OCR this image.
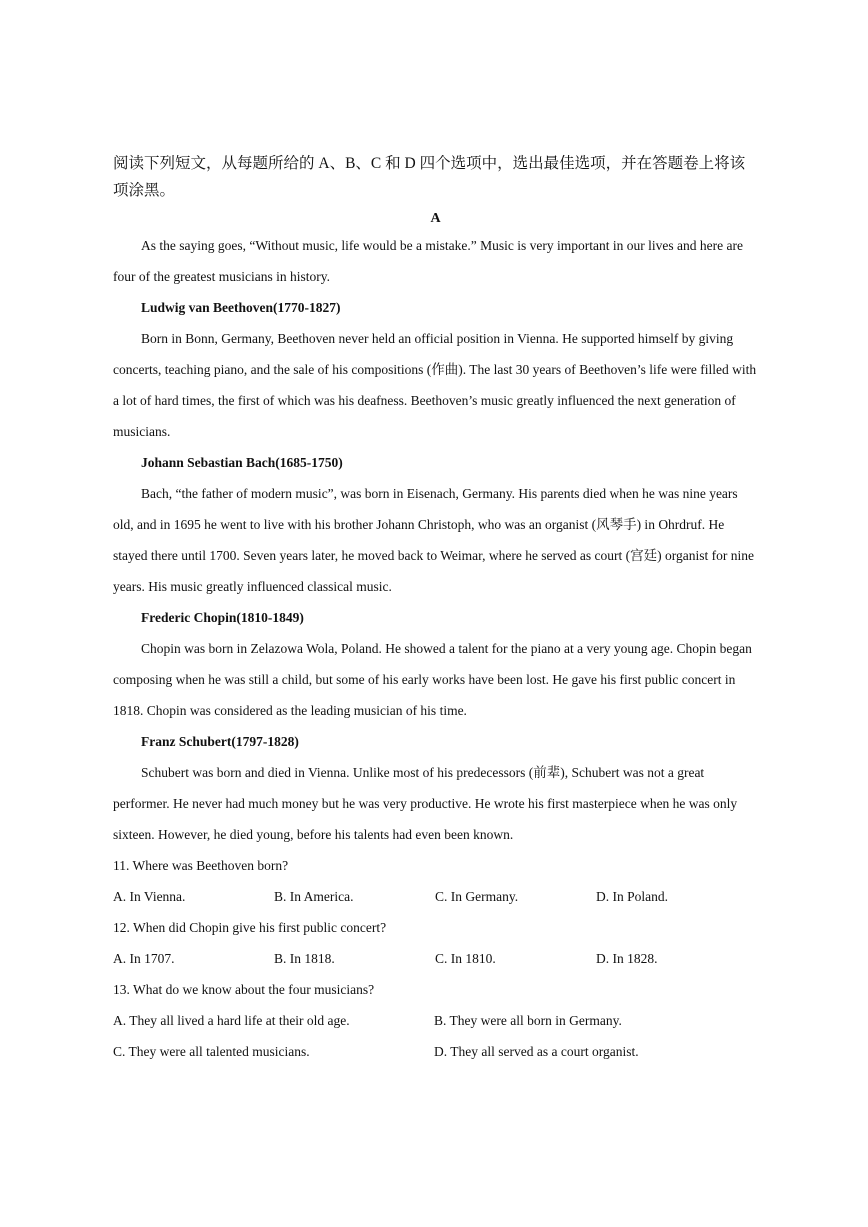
阅读下列短文，从每题所给的 A、B、C 和 D 四个选项中，选出最佳选项，并在答题卷上将该项涂黑。

A

As the saying goes, “Without music, life would be a mistake.” Music is very important in our lives and here are four of the greatest musicians in history.

Ludwig van Beethoven(1770-1827)

Born in Bonn, Germany, Beethoven never held an official position in Vienna. He supported himself by giving concerts, teaching piano, and the sale of his compositions (作曲). The last 30 years of Beethoven’s life were filled with a lot of hard times, the first of which was his deafness. Beethoven’s music greatly influenced the next generation of musicians.

Johann Sebastian Bach(1685-1750)

Bach, “the father of modern music”, was born in Eisenach, Germany. His parents died when he was nine years old, and in 1695 he went to live with his brother Johann Christoph, who was an organist (风琴手) in Ohrdruf. He stayed there until 1700. Seven years later, he moved back to Weimar, where he served as court (宫廷) organist for nine years. His music greatly influenced classical music.

Frederic Chopin(1810-1849)

Chopin was born in Zelazowa Wola, Poland. He showed a talent for the piano at a very young age. Chopin began composing when he was still a child, but some of his early works have been lost. He gave his first public concert in 1818. Chopin was considered as the leading musician of his time.

Franz Schubert(1797-1828)

Schubert was born and died in Vienna. Unlike most of his predecessors (前辈), Schubert was not a great performer. He never had much money but he was very productive. He wrote his first masterpiece when he was only sixteen. However, he died young, before his talents had even been known.

11. Where was Beethoven born?

A. In Vienna.	B. In America.	C. In Germany.	D. In Poland.

12. When did Chopin give his first public concert?

A. In 1707.	B. In 1818.	C. In 1810.	D. In 1828.

13. What do we know about the four musicians?

A. They all lived a hard life at their old age.	B. They were all born in Germany.
C. They were all talented musicians.	D. They all served as a court organist.
